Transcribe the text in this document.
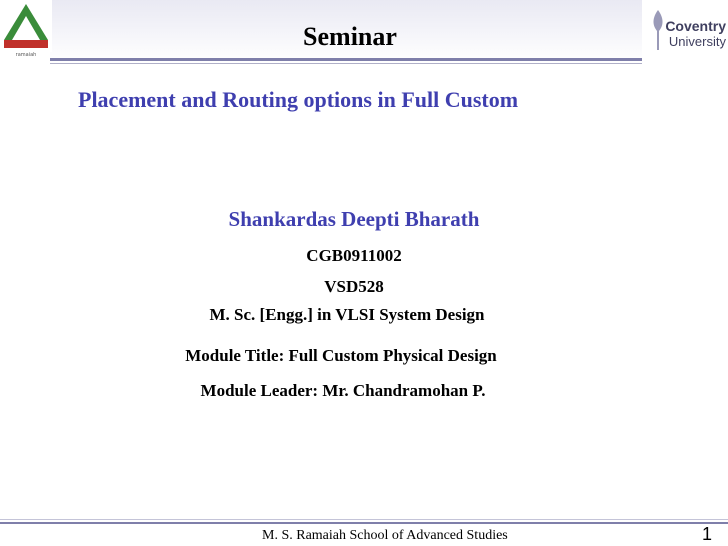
ramaiah
Seminar	Coventry
University
Placement and Routing options in Full Custom
Shankardas Deepti Bharath
CGB0911002
VSD528
M. Sc. [Engg.] in VLSI System Design
Module Title: Full Custom Physical Design
Module Leader: Mr. Chandramohan P.
M. S. Ramaiah School of Advanced Studies	1
